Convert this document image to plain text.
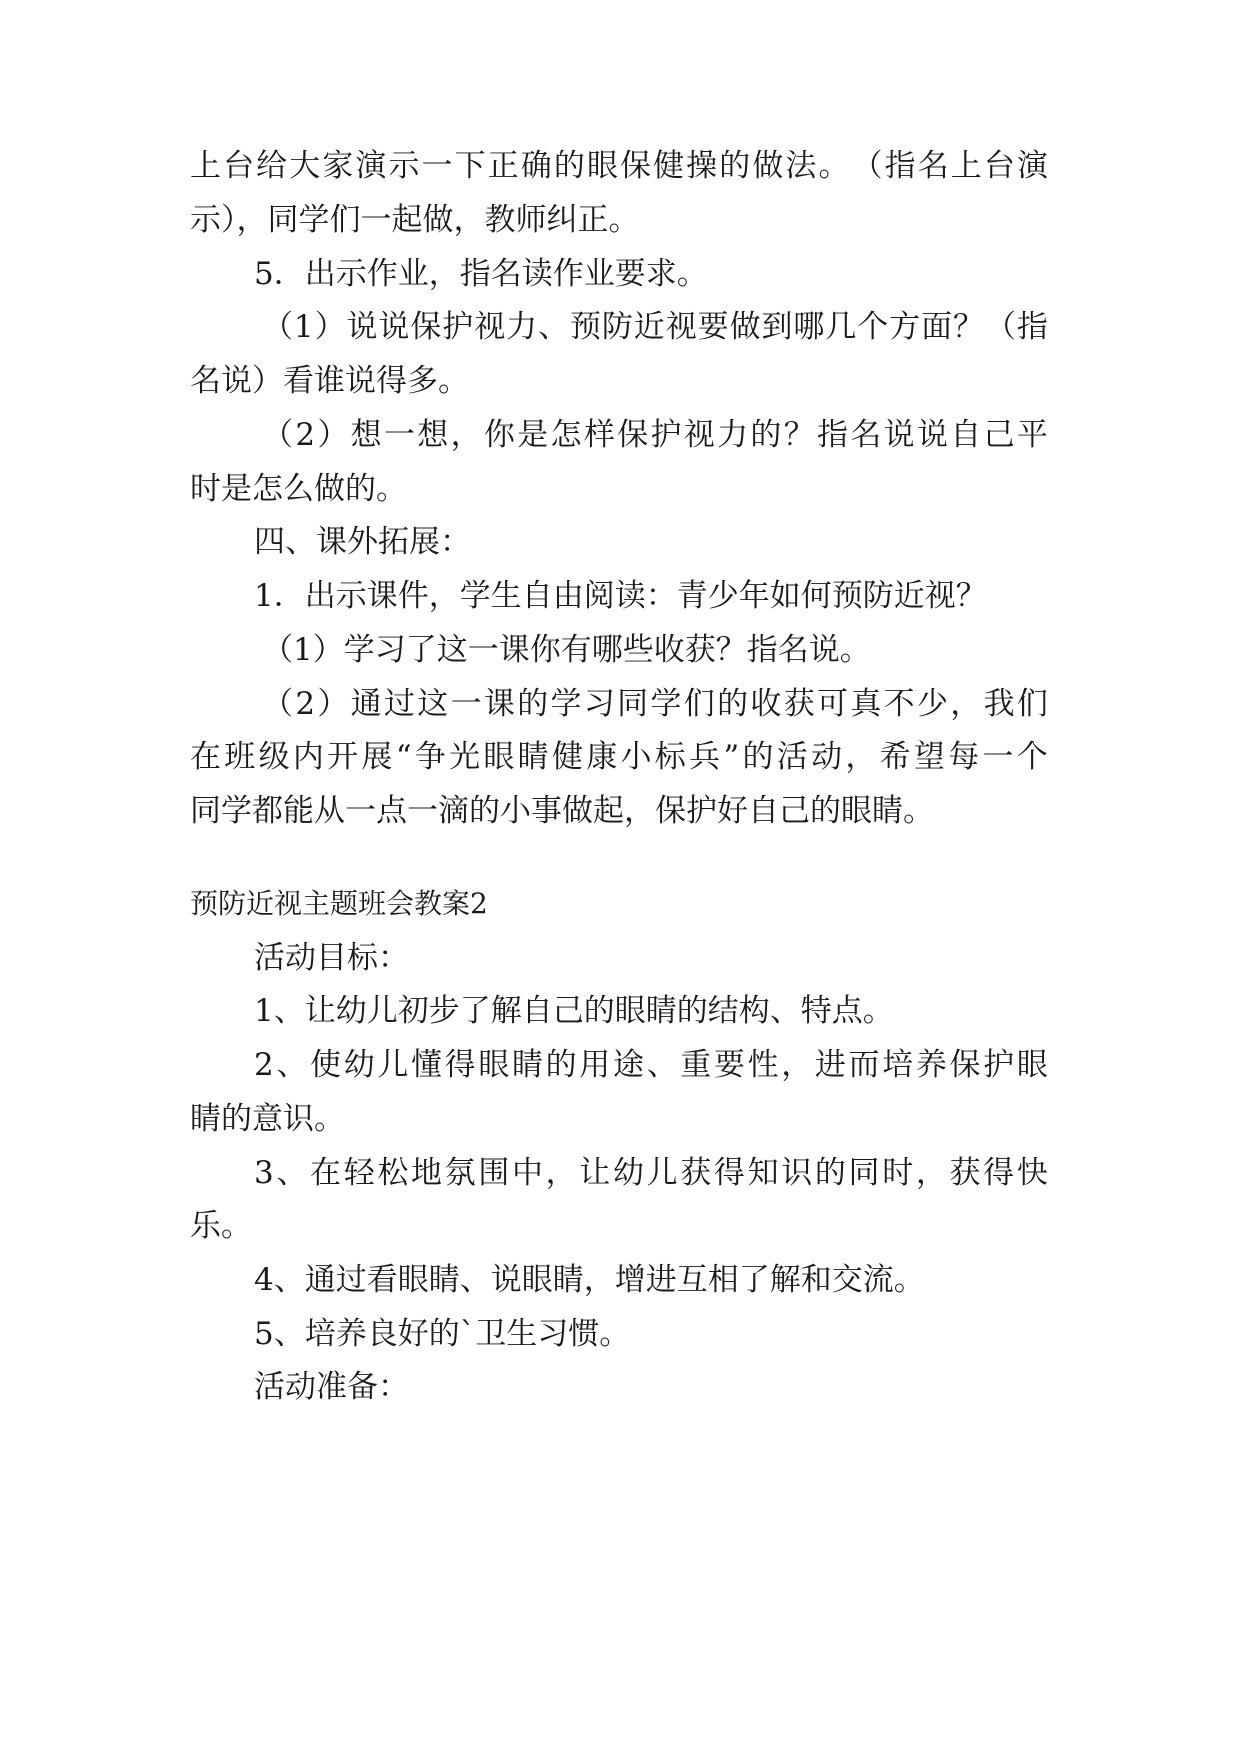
上 台 给 大 家 演 示 一 下 正 确 的 眼 保 健 操 的 做 法 。 （ 指 名 上 台 演
示），同学们一起做，教师纠正。
5．出示作业，指名读作业要求。
（ 1 ） 说 说 保 护 视 力 、 预 防 近 视 要 做 到 哪 几 个 方 面 ？ （ 指
名说）看谁说得多。
（ 2 ） 想 一 想 ， 你 是 怎 样 保 护 视 力 的 ？ 指 名 说 说 自 己 平
时是怎么做的。
四、课外拓展：
1．出示课件，学生自由阅读：青少年如何预防近视？
（1）学习了这一课你有哪些收获？指名说。
（ 2 ） 通 过 这 一 课 的 学 习 同 学 们 的 收 获 可 真 不 少 ， 我 们
在 班 级 内 开 展 “ 争 光 眼 睛 健 康 小 标 兵 ” 的 活 动 ， 希 望 每 一 个
同学都能从一点一滴的小事做起，保护好自己的眼睛。
预防近视主题班会教案2
活动目标：
1、让幼儿初步了解自己的眼睛的结构、特点。
2 、 使 幼 儿 懂 得 眼 睛 的 用 途 、 重 要 性 ， 进 而 培 养 保 护 眼
睛的意识。
3 、 在 轻 松 地 氛 围 中 ， 让 幼 儿 获 得 知 识 的 同 时 ， 获 得 快
乐。
4、通过看眼睛、说眼睛，增进互相了解和交流。
5、培养良好的`卫生习惯。
活动准备：
